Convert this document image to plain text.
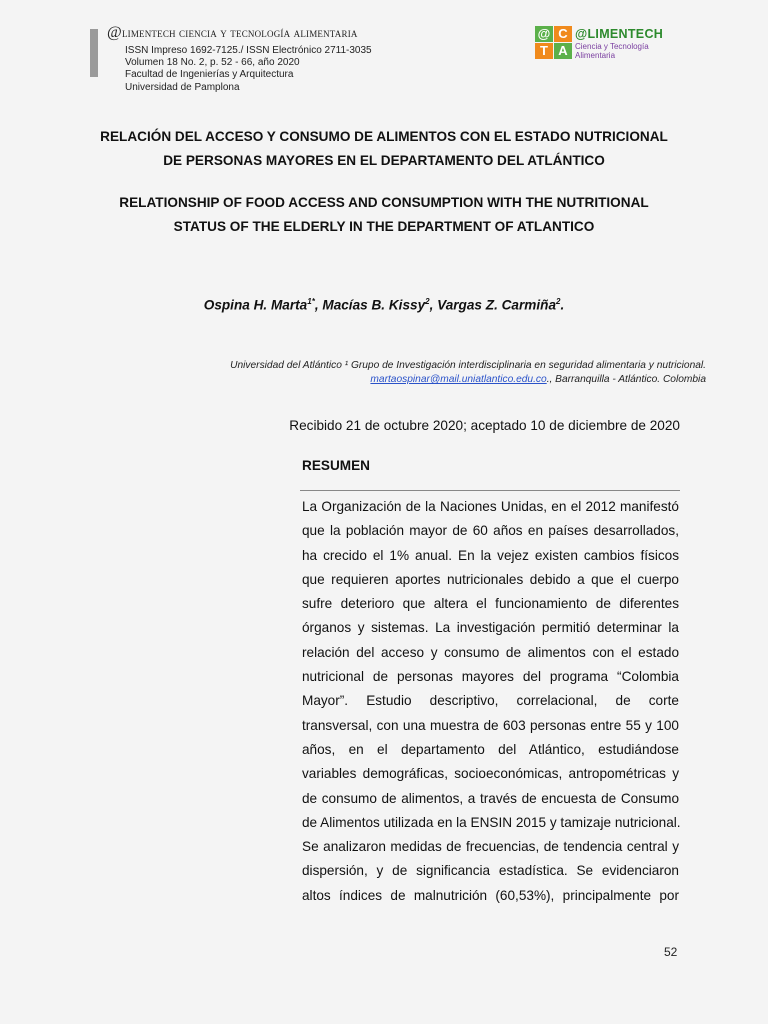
@limentech ciencia y tecnología alimentaria
ISSN Impreso 1692-7125./ ISSN Electrónico 2711-3035
Volumen 18 No. 2, p. 52 - 66, año 2020
Facultad de Ingenierías y Arquitectura
Universidad de Pamplona
@ C
T A
@LIMENTECH
Ciencia y Tecnología
Alimentaria
RELACIÓN DEL ACCESO Y CONSUMO DE ALIMENTOS CON EL ESTADO NUTRICIONAL
DE PERSONAS MAYORES EN EL DEPARTAMENTO DEL ATLÁNTICO
RELATIONSHIP OF FOOD ACCESS AND CONSUMPTION WITH THE NUTRITIONAL
STATUS OF THE ELDERLY IN THE DEPARTMENT OF ATLANTICO
Ospina H. Marta$^{1*}$, Macías B. Kissy$^2$, Vargas Z. Carmiña$^2$.
Universidad del Atlántico ¹ Grupo de Investigación interdisciplinaria en seguridad alimentaria y nutricional.
martaospinar@mail.uniatlantico.edu.co., Barranquilla - Atlántico. Colombia
Recibido 21 de octubre 2020; aceptado 10 de diciembre de 2020
RESUMEN
La Organización de la Naciones Unidas, en el 2012 manifestó
que la población mayor de 60 años en países desarrollados,
ha crecido el 1% anual. En la vejez existen cambios físicos
que requieren aportes nutricionales debido a que el cuerpo
sufre deterioro que altera el funcionamiento de diferentes
órganos y sistemas. La investigación permitió determinar la
relación del acceso y consumo de alimentos con el estado
nutricional de personas mayores del programa “Colombia
Mayor”. Estudio descriptivo, correlacional, de corte
transversal, con una muestra de 603 personas entre 55 y 100
años, en el departamento del Atlántico, estudiándose
variables demográficas, socioeconómicas, antropométricas y
de consumo de alimentos, a través de encuesta de Consumo
de Alimentos utilizada en la ENSIN 2015 y tamizaje nutricional.
Se analizaron medidas de frecuencias, de tendencia central y
dispersión, y de significancia estadística. Se evidenciaron
altos índices de malnutrición (60,53%), principalmente por
52
